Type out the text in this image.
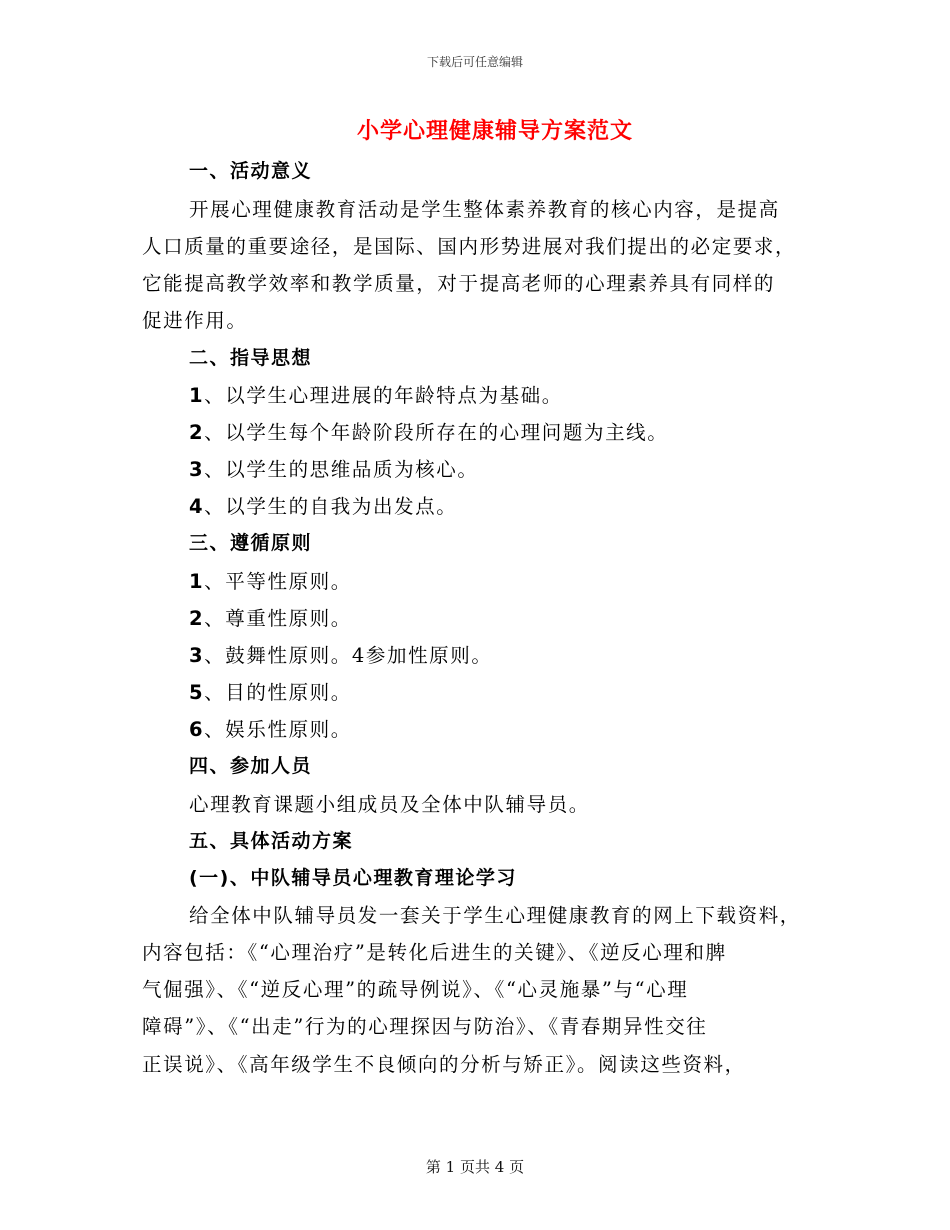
下载后可任意编辑
小学心理健康辅导方案范文
一、活动意义
开展心理健康教育活动是学生整体素养教育的核心内容，是提高
人口质量的重要途径，是国际、国内形势进展对我们提出的必定要求，
它能提高教学效率和教学质量，对于提高老师的心理素养具有同样的
促进作用。
二、指导思想
1、以学生心理进展的年龄特点为基础。
2、以学生每个年龄阶段所存在的心理问题为主线。
3、以学生的思维品质为核心。
4、以学生的自我为出发点。
三、遵循原则
1、平等性原则。
2、尊重性原则。
3、鼓舞性原则。4参加性原则。
5、目的性原则。
6、娱乐性原则。
四、参加人员
心理教育课题小组成员及全体中队辅导员。
五、具体活动方案
(一)、中队辅导员心理教育理论学习
给全体中队辅导员发一套关于学生心理健康教育的网上下载资料，
内容包括：《“心理治疗”是转化后进生的关键》、《逆反心理和脾
气倔强》、《“逆反心理”的疏导例说》、《“心灵施暴”与“心理
障碍”》、《“出走”行为的心理探因与防治》、《青春期异性交往
正误说》、《高年级学生不良倾向的分析与矫正》。阅读这些资料，
第 1 页共 4 页
